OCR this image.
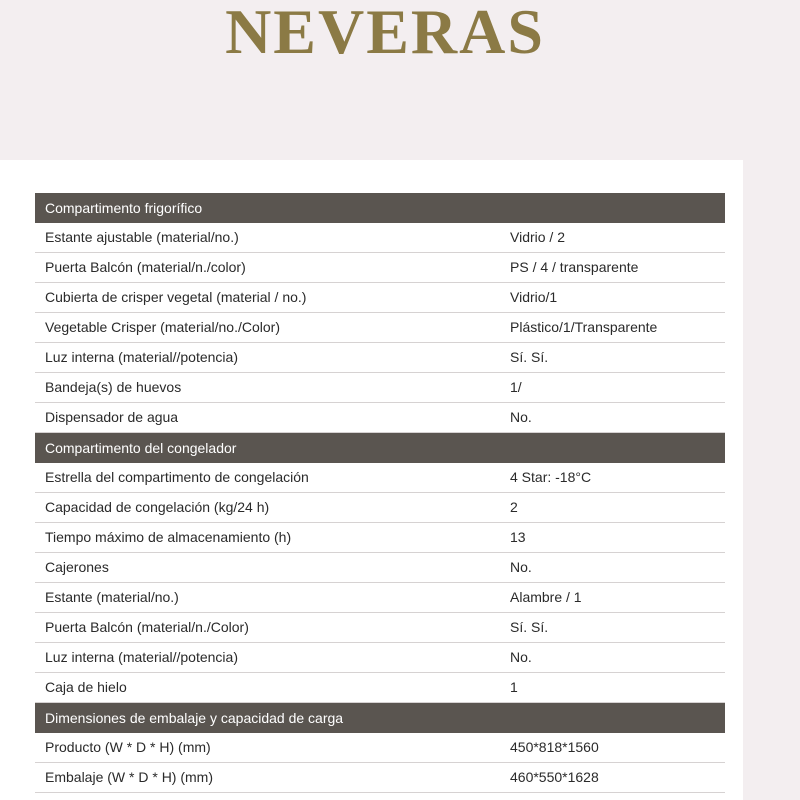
NEVERAS
Compartimento frigorífico
Estante ajustable (material/no.)	Vidrio / 2
Puerta Balcón (material/n./color)	PS / 4 / transparente
Cubierta de crisper vegetal (material / no.)	Vidrio/1
Vegetable Crisper (material/no./Color)	Plástico/1/Transparente
Luz interna (material//potencia)	Sí. Sí.
Bandeja(s) de huevos	1/
Dispensador de agua	No.
Compartimento del congelador
Estrella del compartimento de congelación	4 Star: -18°C
Capacidad de congelación (kg/24 h)	2
Tiempo máximo de almacenamiento (h)	13
Cajerones	No.
Estante (material/no.)	Alambre / 1
Puerta Balcón (material/n./Color)	Sí. Sí.
Luz interna (material//potencia)	No.
Caja de hielo	1
Dimensiones de embalaje y capacidad de carga
Producto (W * D * H) (mm)	450*818*1560
Embalaje (W * D * H) (mm)	460*550*1628
